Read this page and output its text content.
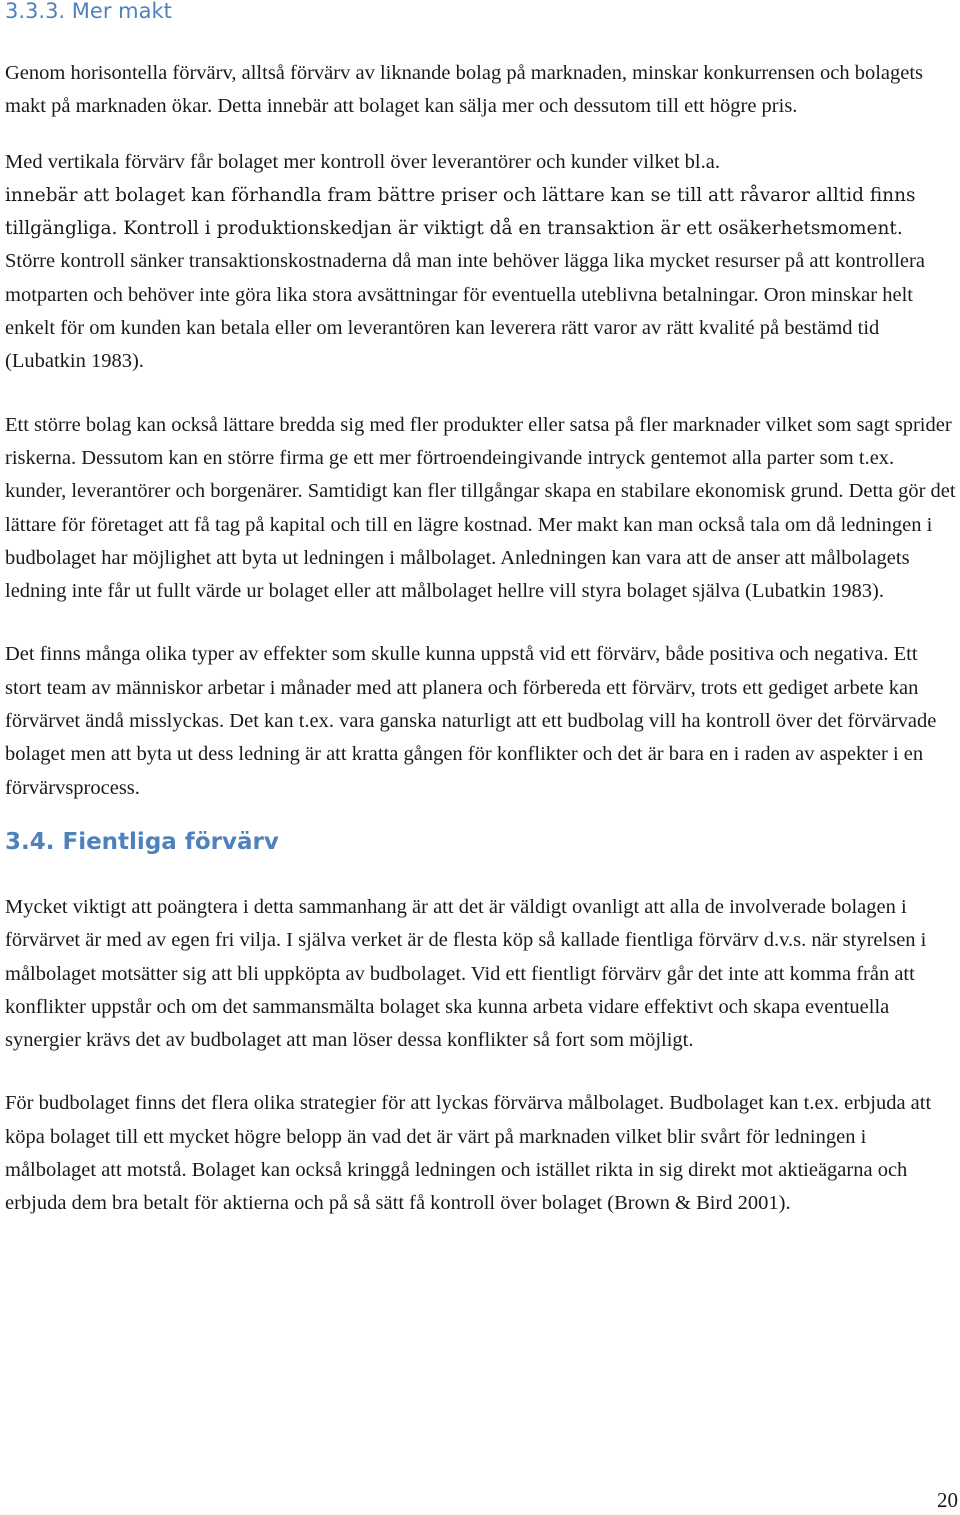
3.3.3. Mer makt

Genom horisontella förvärv, alltså förvärv av liknande bolag på marknaden, minskar konkurrensen och bolagets makt på marknaden ökar. Detta innebär att bolaget kan sälja mer och dessutom till ett högre pris.

Med vertikala förvärv får bolaget mer kontroll över leverantörer och kunder vilket bl.a.
innebär att bolaget kan förhandla fram bättre priser och lättare kan se till att råvaror alltid finns tillgängliga. Kontroll i produktionskedjan är viktigt då en transaktion är ett osäkerhetsmoment. Större kontroll sänker transaktionskostnaderna då man inte behöver lägga lika mycket resurser på att kontrollera motparten och behöver inte göra lika stora avsättningar för eventuella uteblivna betalningar. Oron minskar helt enkelt för om kunden kan betala eller om leverantören kan leverera rätt varor av rätt kvalité på bestämd tid (Lubatkin 1983).

Ett större bolag kan också lättare bredda sig med fler produkter eller satsa på fler marknader vilket som sagt sprider riskerna. Dessutom kan en större firma ge ett mer förtroendeingivande intryck gentemot alla parter som t.ex. kunder, leverantörer och borgenärer. Samtidigt kan fler tillgångar skapa en stabilare ekonomisk grund. Detta gör det lättare för företaget att få tag på kapital och till en lägre kostnad. Mer makt kan man också tala om då ledningen i budbolaget har möjlighet att byta ut ledningen i målbolaget. Anledningen kan vara att de anser att målbolagets ledning inte får ut fullt värde ur bolaget eller att målbolaget hellre vill styra bolaget själva (Lubatkin 1983).

Det finns många olika typer av effekter som skulle kunna uppstå vid ett förvärv, både positiva och negativa. Ett stort team av människor arbetar i månader med att planera och förbereda ett förvärv, trots ett gediget arbete kan förvärvet ändå misslyckas. Det kan t.ex. vara ganska naturligt att ett budbolag vill ha kontroll över det förvärvade bolaget men att byta ut dess ledning är att kratta gången för konflikter och det är bara en i raden av aspekter i en förvärvsprocess.

3.4. Fientliga förvärv

Mycket viktigt att poängtera i detta sammanhang är att det är väldigt ovanligt att alla de involverade bolagen i förvärvet är med av egen fri vilja. I själva verket är de flesta köp så kallade fientliga förvärv d.v.s. när styrelsen i målbolaget motsätter sig att bli uppköpta av budbolaget. Vid ett fientligt förvärv går det inte att komma från att konflikter uppstår och om det sammansmälta bolaget ska kunna arbeta vidare effektivt och skapa eventuella synergier krävs det av budbolaget att man löser dessa konflikter så fort som möjligt.

För budbolaget finns det flera olika strategier för att lyckas förvärva målbolaget. Budbolaget kan t.ex. erbjuda att köpa bolaget till ett mycket högre belopp än vad det är värt på marknaden vilket blir svårt för ledningen i målbolaget att motstå. Bolaget kan också kringgå ledningen och istället rikta in sig direkt mot aktieägarna och erbjuda dem bra betalt för aktierna och på så sätt få kontroll över bolaget (Brown & Bird 2001).

20
